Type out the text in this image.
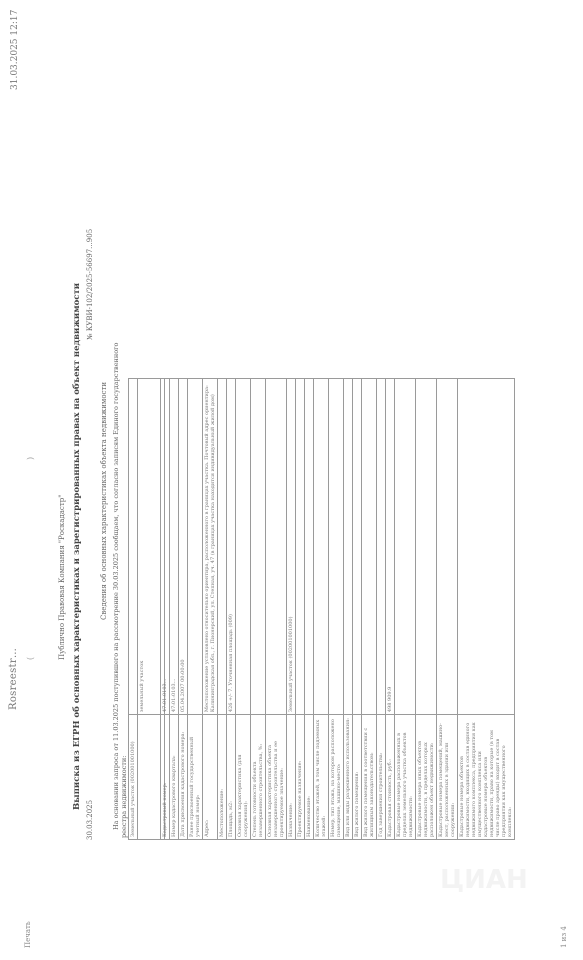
Rosreestr…
31.03.2025 12:17
Печать	1 из 4
(
)
Публично Правовая Компания "Роскадастр" Выписка из ЕГРН об основных характеристиках и зарегистрированных правах на объект недвижимости
30.03.2025
№ КУВИ-102/2025-56697...905
Сведения об основных характеристиках объекта недвижимости На основании запроса от 11.03.2025 поступившего на рассмотрение 30.03.2025 сообщаем, что согласно записям Единого государственного реестра недвижимости: Земельный участок (002001001000)	
	земельный участок
Кадастровый номер:	47:01:0103...
Номер кадастрового квартала:	47:01:0103...
Дата присвоения кадастрового номера:	05.04.2007 00:00:00
Ранее присвоенный государственный учетный номер:	
Адрес:	Местоположение установлено относительно ориентира, расположенного в границах участка. Почтовый адрес ориентира: Калининградская обл., г. Пионерский, ул. Степная, уч. 47 (в границах участка находится индивидуальный жилой дом)
Местоположение:	
Площадь, м2:	426 +/- 7. Уточненная площадь (009)
Основная характеристика (для сооружения):	
Степень готовности объекта незавершенного строительства, %:	
Основная характеристика объекта незавершенного строительства и ее проектируемое значение:	
Назначение:	Земельный участок (002001001000)
Проектируемое назначение:	
Наименование:	
Количество этажей, в том числе подземных этажей:	
Номер, тип этажа, на котором расположено помещение, машино-место:	
Вид или виды разрешенного использования:	
Вид жилого помещения:	
Вид жилого помещения в соответствии с жилищным законодательством:	
Год завершения строительства:	
Кадастровая стоимость, руб.:	498 909.9
Кадастровые номера расположенных в пределах земельного участка объектов недвижимости:	
Кадастровые номера иных объектов недвижимости, в пределах которых расположен объект недвижимости:	
Кадастровые номера помещений, машино-мест, расположенных в здании или сооружении:	
Кадастровые номера объектов недвижимости, входящих в состав единого недвижимого комплекса, предприятия как имущественного комплекса или кадастровые номера объектов недвижимости, право на которые (в том числе право аренды) входит в состав предприятия как имущественного комплекса:	
ЦИАН
